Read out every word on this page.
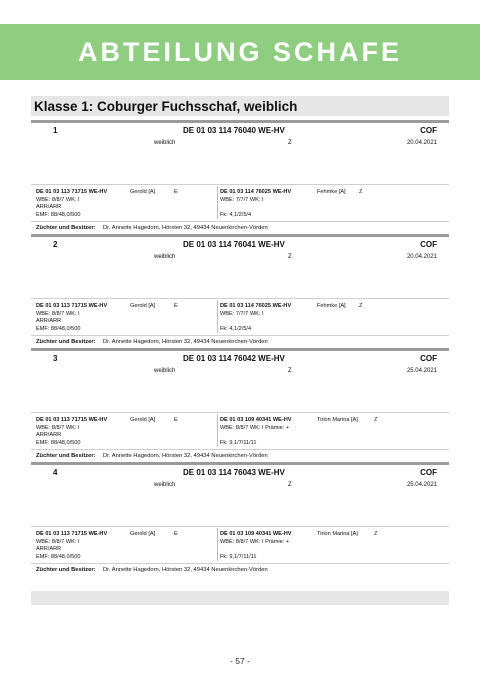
ABTEILUNG SCHAFE
Klasse 1: Coburger Fuchsschaf, weiblich
1	DE 01 03 114 76040 WE-HV	COF
weiblich	Z	20.04.2021
DE 01 03 113 71715 WE-HV	Gerold [A]	E
WBE: 8/8/7 WK: I
ARR/ARR
EMF: 88/48,0/500
DE 01 03 114 76025 WE-HV	Fehmke [A] Z
WBE: 7/7/7 WK: I
Fk: 4,1/2/5/4
Züchter und Besitzer: Dr. Annette Hagedorn, Hörsten 32, 49434 Neuenkirchen-Vörden
2	DE 01 03 114 76041 WE-HV	COF
weiblich	Z	20.04.2021
DE 01 03 113 71715 WE-HV	Gerold [A]	E
WBE: 8/8/7 WK: I
ARR/ARR
EMF: 88/48,0/500
DE 01 03 114 76025 WE-HV	Fehmke [A] Z
WBE: 7/7/7 WK: I
Fk: 4,1/2/5/4
Züchter und Besitzer: Dr. Annette Hagedorn, Hörsten 32, 49434 Neuenkirchen-Vörden
3	DE 01 03 114 76042 WE-HV	COF
weiblich	Z	25.04.2021
DE 01 03 113 71715 WE-HV	Gerold [A]	E
WBE: 8/8/7 WK: I
ARR/ARR
EMF: 88/48,0/500
DE 01 03 109 40341 WE-HV	Tirion Marina [A]	Z
WBE: 8/8/7 WK: I Prämie: +
Fk: 9,1/7/11/11
Züchter und Besitzer: Dr. Annette Hagedorn, Hörsten 32, 49434 Neuenkirchen-Vörden
4	DE 01 03 114 76043 WE-HV	COF
weiblich	Z	25.04.2021
DE 01 03 113 71715 WE-HV	Gerold [A]	E
WBE: 8/8/7 WK: I
ARR/ARR
EMF: 88/48,0/500
DE 01 03 109 40341 WE-HV	Tirion Marina [A]	Z
WBE: 8/8/7 WK: I Prämie: +
Fk: 9,1/7/11/11
Züchter und Besitzer: Dr. Annette Hagedorn, Hörsten 32, 49434 Neuenkirchen-Vörden
- 57 -
